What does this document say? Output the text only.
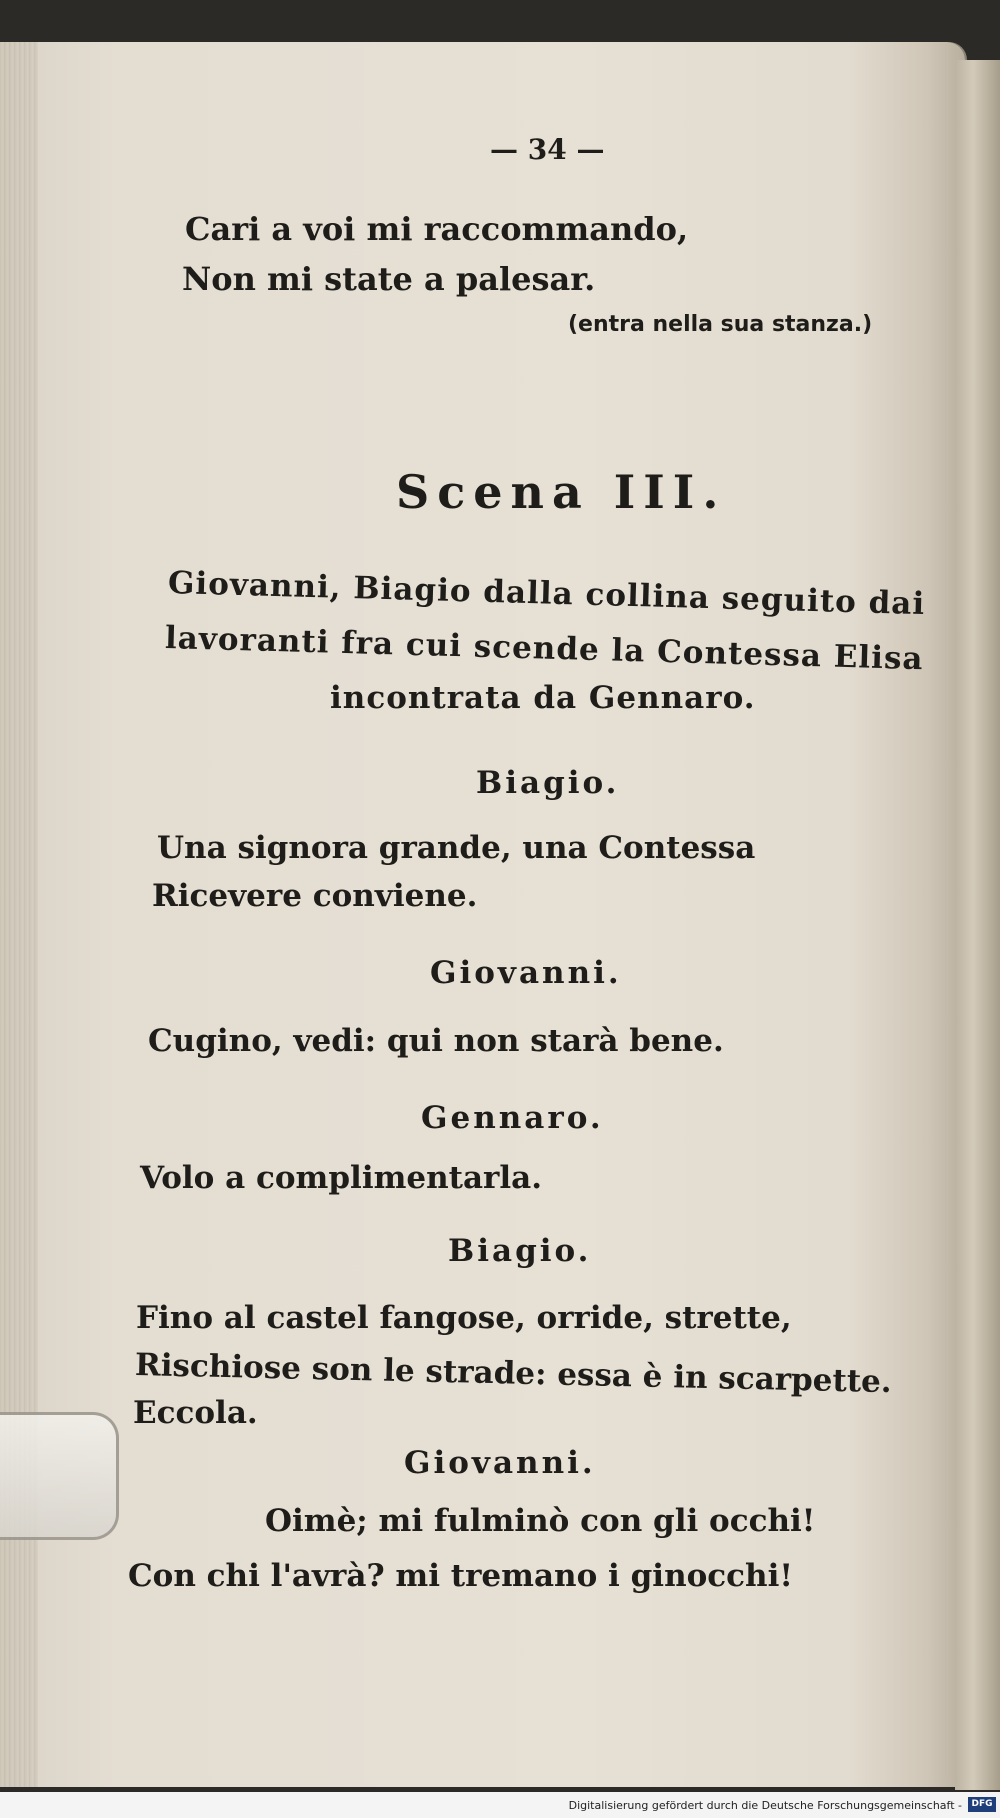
— 34 —

Cari a voi mi raccommando,

Non mi state a palesar.

(entra nella sua stanza.)

Scena III.

Giovanni, Biagio dalla collina seguito dai

lavoranti fra cui scende la Contessa Elisa

incontrata da Gennaro.

Biagio.

Una signora grande, una Contessa

Ricevere conviene.

Giovanni.

Cugino, vedi: qui non starà bene.

Gennaro.

Volo a complimentarla.

Biagio.

Fino al castel fangose, orride, strette,

Rischiose son le strade: essa è in scarpette.

Eccola.

Giovanni.

Oimè; mi fulminò con gli occhi!

Con chi l'avrà? mi tremano i ginocchi!

Digitalisierung gefördert durch die Deutsche Forschungsgemeinschaft -	DFG
